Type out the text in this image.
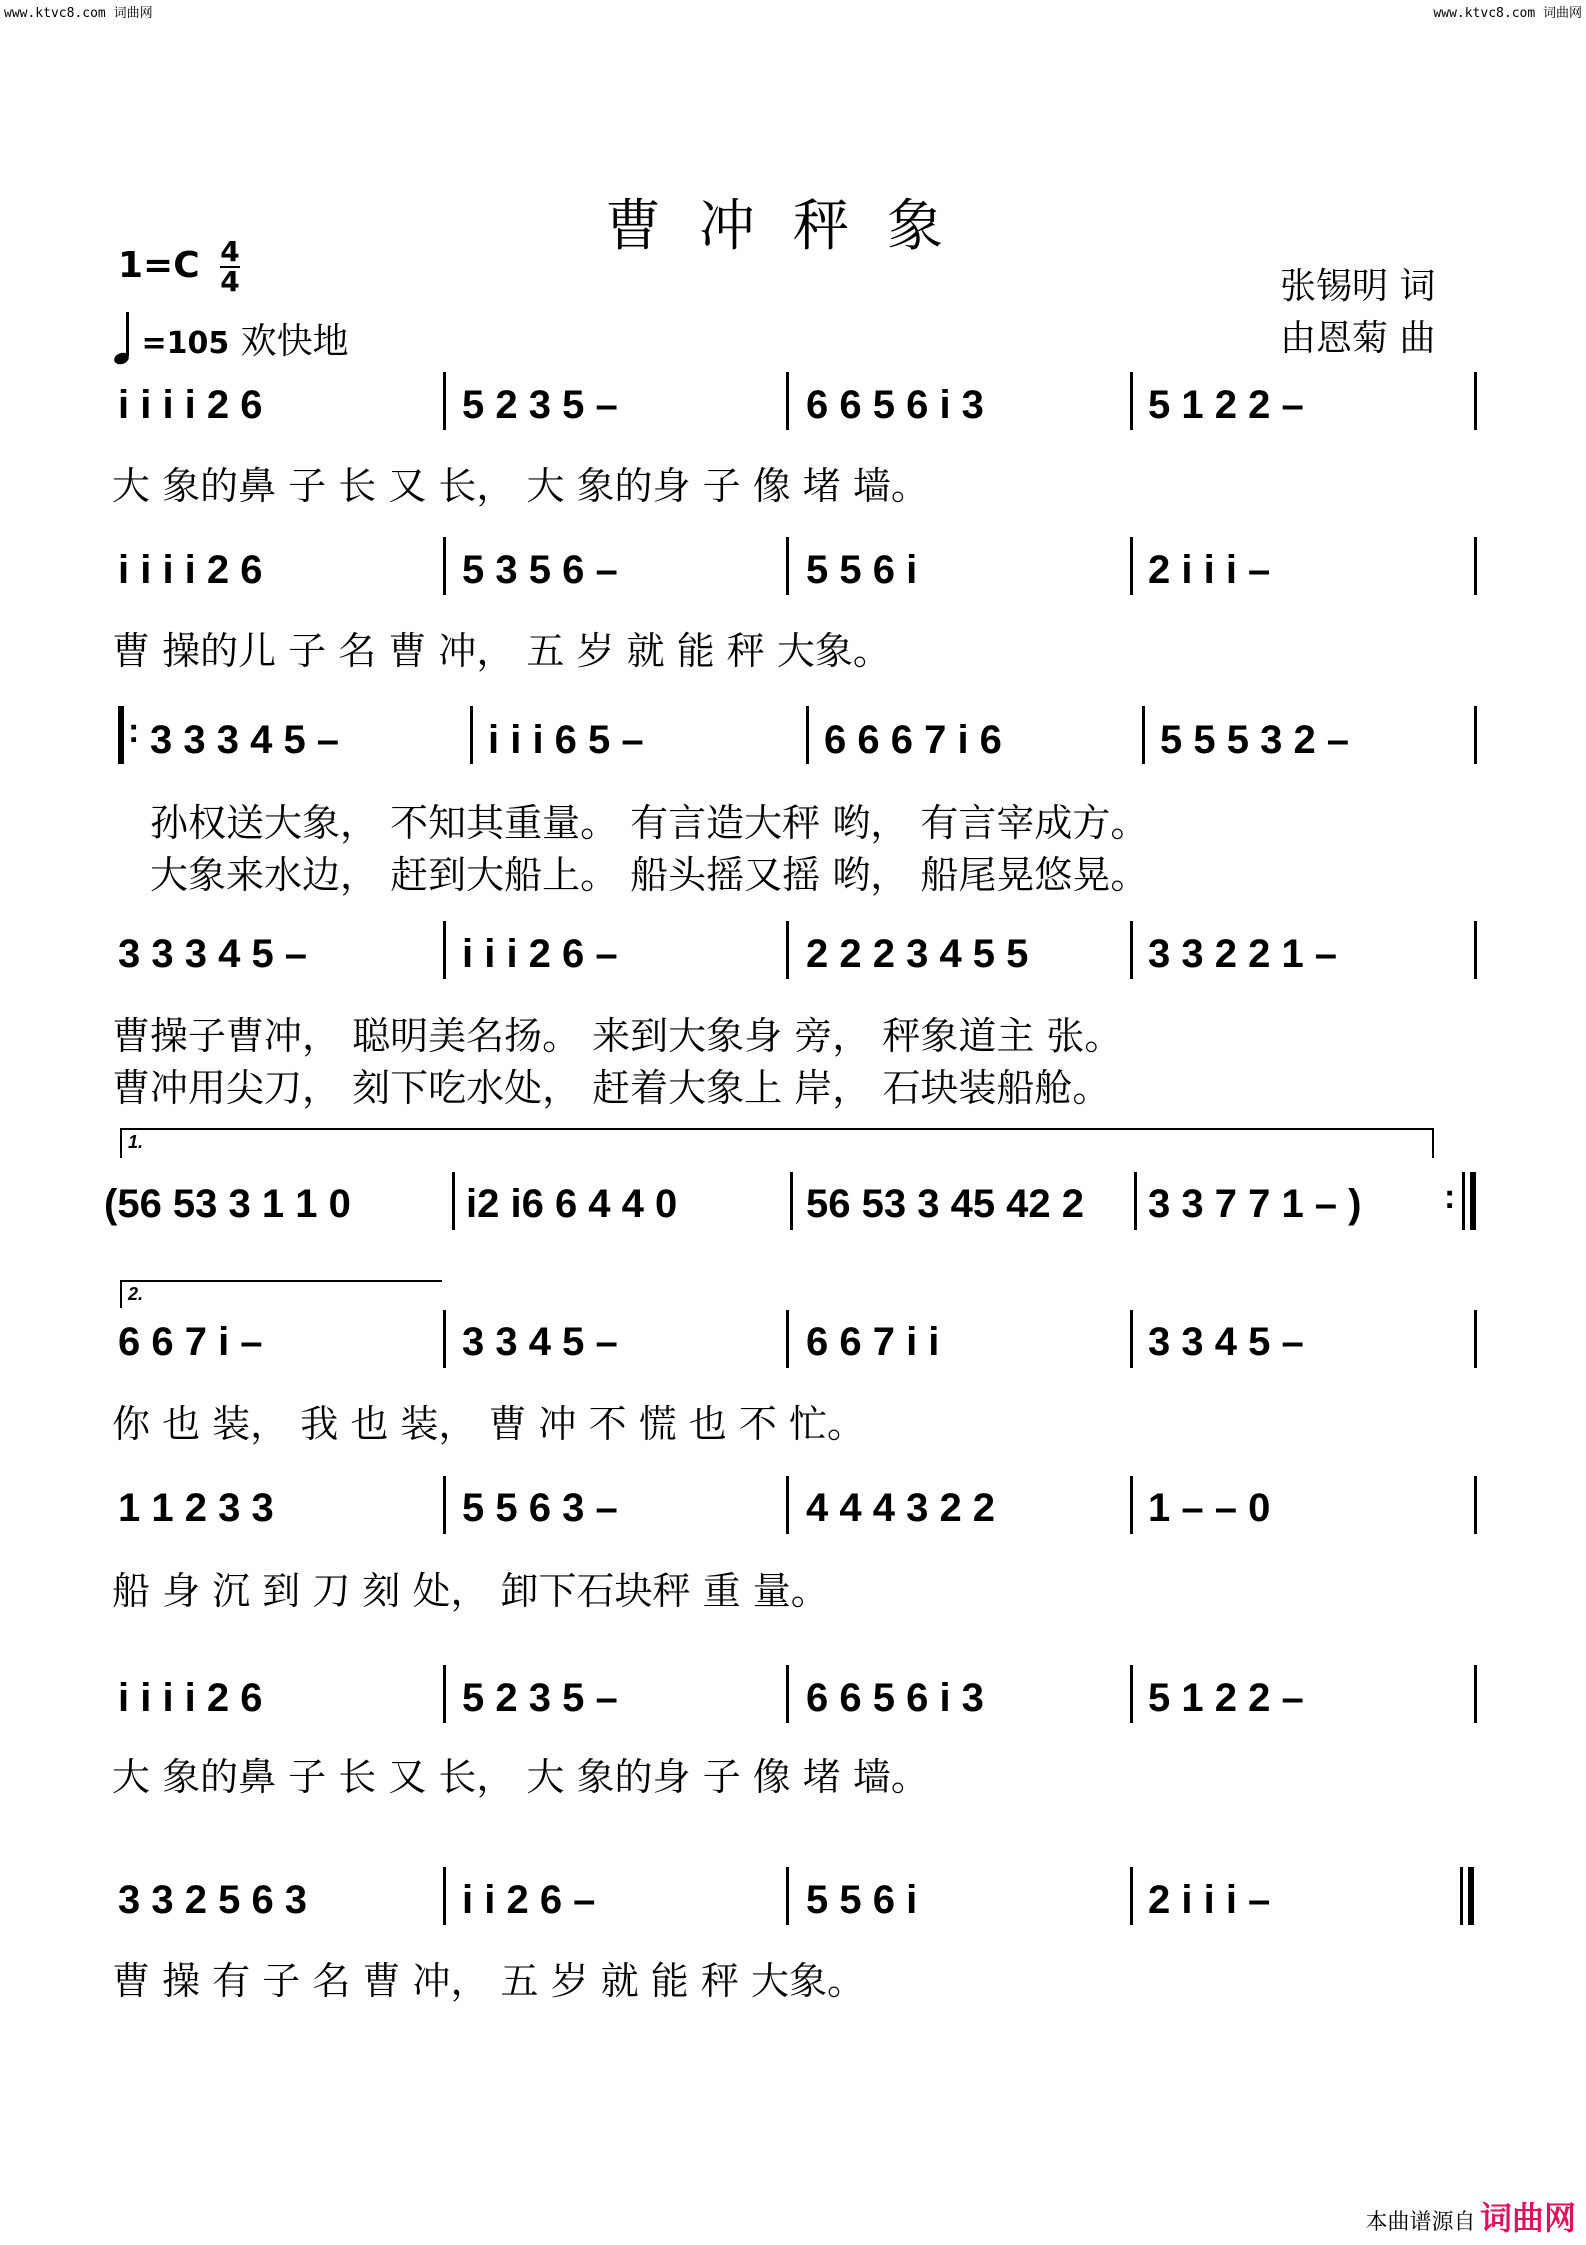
www.ktvc8.com 词曲网	www.ktvc8.com 词曲网
曹冲秤象
$1=C \frac{4}{4}$
=105 欢快地
张锡明 词
由恩菊 曲
i i i i 2 6	5 2 3 5 –	6 6 5 6 i 3	5 1 2 2 –
大 象的鼻 子 长 又 长， 大 象的身 子 像 堵 墙。
i i i i 2 6	5 3 5 6 –	5 5 6 i	2 i i i –
曹 操的儿 子 名 曹 冲， 五 岁 就 能 秤 大象。
: 3 3 3 4 5 –	i i i 6 5 –	6 6 6 7 i 6	5 5 5 3 2 –
孙权送大象， 不知其重量。 有言造大秤 哟， 有言宰成方。
大象来水边， 赶到大船上。 船头摇又摇 哟， 船尾晃悠晃。
3 3 3 4 5 –	i i i 2 6 –	2 2 2 3 4 5 5	3 3 2 2 1 –
曹操子曹冲， 聪明美名扬。 来到大象身 旁， 秤象道主 张。
曹冲用尖刀， 刻下吃水处， 赶着大象上 岸， 石块装船舱。
1.
(56 53 3 1 1 0	i2 i6 6 4 4 0	56 53 3 45 42 2 3 3 7 7 1 – ) :
2.
6 6 7 i –	3 3 4 5 –	6 6 7 i i	3 3 4 5 –
你 也 装， 我 也 装， 曹 冲 不 慌 也 不 忙。
1 1 2 3 3	5 5 6 3 –	4 4 4 3 2 2	1 – – 0
船 身 沉 到 刀 刻 处， 卸下石块秤 重 量。
i i i i 2 6	5 2 3 5 –	6 6 5 6 i 3	5 1 2 2 –
大 象的鼻 子 长 又 长， 大 象的身 子 像 堵 墙。
3 3 2 5 6 3	i i 2 6 –	5 5 6 i	2 i i i –
曹 操 有 子 名 曹 冲， 五 岁 就 能 秤 大象。
本曲谱源自 词曲网
